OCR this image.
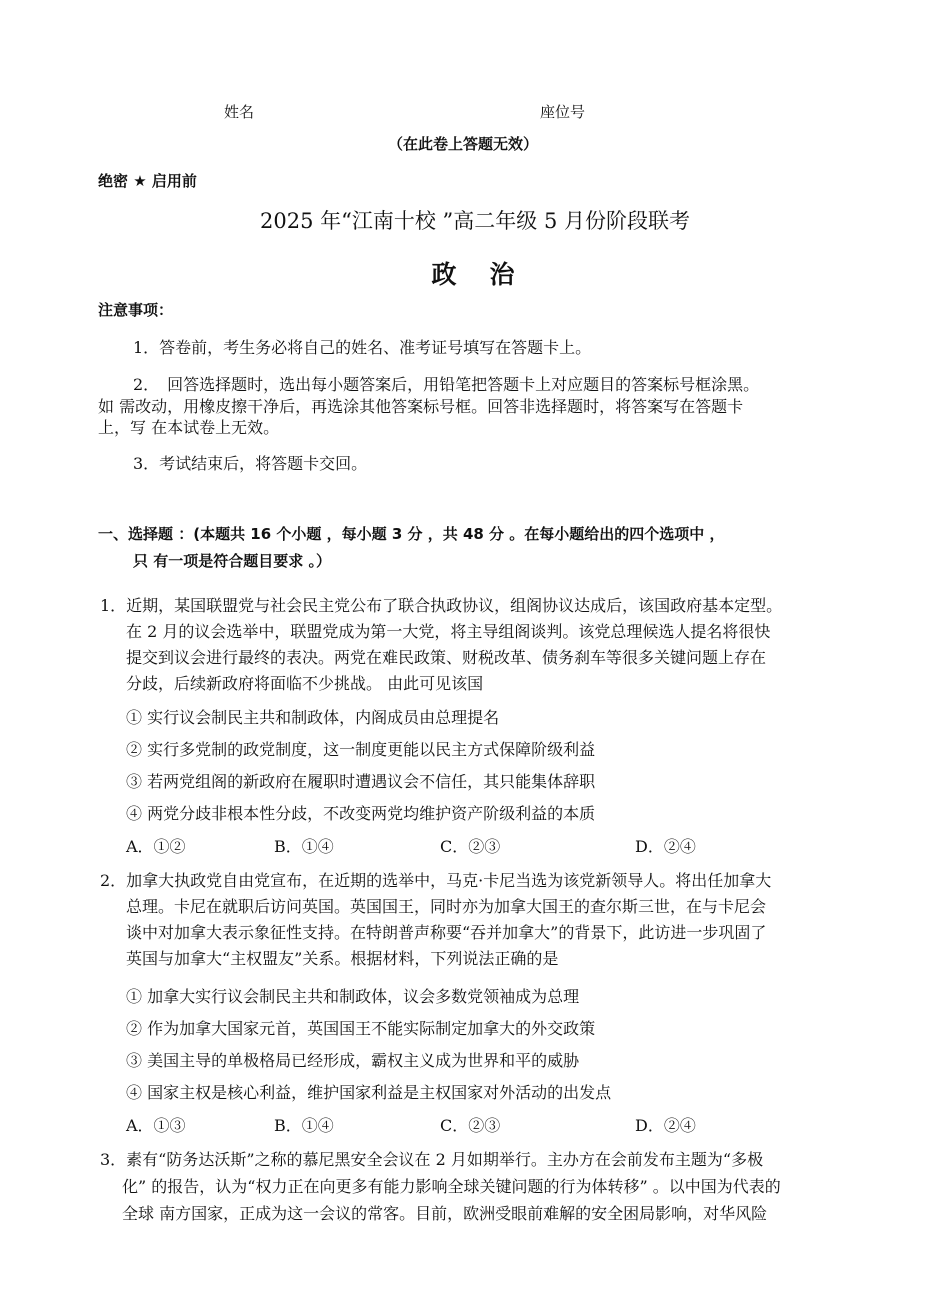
姓名	座位号
（在此卷上答题无效）
绝密 ★ 启用前
2025 年“江南十校 ”高二年级 5 月份阶段联考
政　治
注意事项：
1．答卷前，考生务必将自己的姓名、准考证号填写在答题卡上。
2．　回答选择题时，选出每小题答案后，用铅笔把答题卡上对应题目的答案标号框涂黑。
如 需改动，用橡皮擦干净后，再选涂其他答案标号框。回答非选择题时，将答案写在答题卡
上，写 在本试卷上无效。
3．考试结束后，将答题卡交回。
一、选择题 ：(本题共 16 个小题 ，每小题 3 分 ，共 48 分 。在每小题给出的四个选项中 ，
只 有一项是符合题目要求 。）
1．近期，某国联盟党与社会民主党公布了联合执政协议，组阁协议达成后，该国政府基本定型。
在 2 月的议会选举中，联盟党成为第一大党，将主导组阁谈判。该党总理候选人提名将很快
提交到议会进行最终的表决。两党在难民政策、财税改革、债务刹车等很多关键问题上存在
分歧，后续新政府将面临不少挑战。 由此可见该国
① 实行议会制民主共和制政体，内阁成员由总理提名
② 实行多党制的政党制度，这一制度更能以民主方式保障阶级利益
③ 若两党组阁的新政府在履职时遭遇议会不信任，其只能集体辞职
④ 两党分歧非根本性分歧，不改变两党均维护资产阶级利益的本质
A．①②	B．①④	C．②③	D．②④
2．加拿大执政党自由党宣布，在近期的选举中，马克·卡尼当选为该党新领导人。将出任加拿大
总理。卡尼在就职后访问英国。英国国王，同时亦为加拿大国王的查尔斯三世，在与卡尼会
谈中对加拿大表示象征性支持。在特朗普声称要“吞并加拿大”的背景下，此访进一步巩固了
英国与加拿大“主权盟友”关系。根据材料，下列说法正确的是
① 加拿大实行议会制民主共和制政体，议会多数党领袖成为总理
② 作为加拿大国家元首，英国国王不能实际制定加拿大的外交政策
③ 美国主导的单极格局已经形成，霸权主义成为世界和平的威胁
④ 国家主权是核心利益，维护国家利益是主权国家对外活动的出发点
A．①③	B．①④	C．②③	D．②④
3．素有“防务达沃斯”之称的慕尼黑安全会议在 2 月如期举行。主办方在会前发布主题为“多极
化” 的报告，认为“权力正在向更多有能力影响全球关键问题的行为体转移” 。以中国为代表的
全球 南方国家，正成为这一会议的常客。目前，欧洲受眼前难解的安全困局影响，对华风险
